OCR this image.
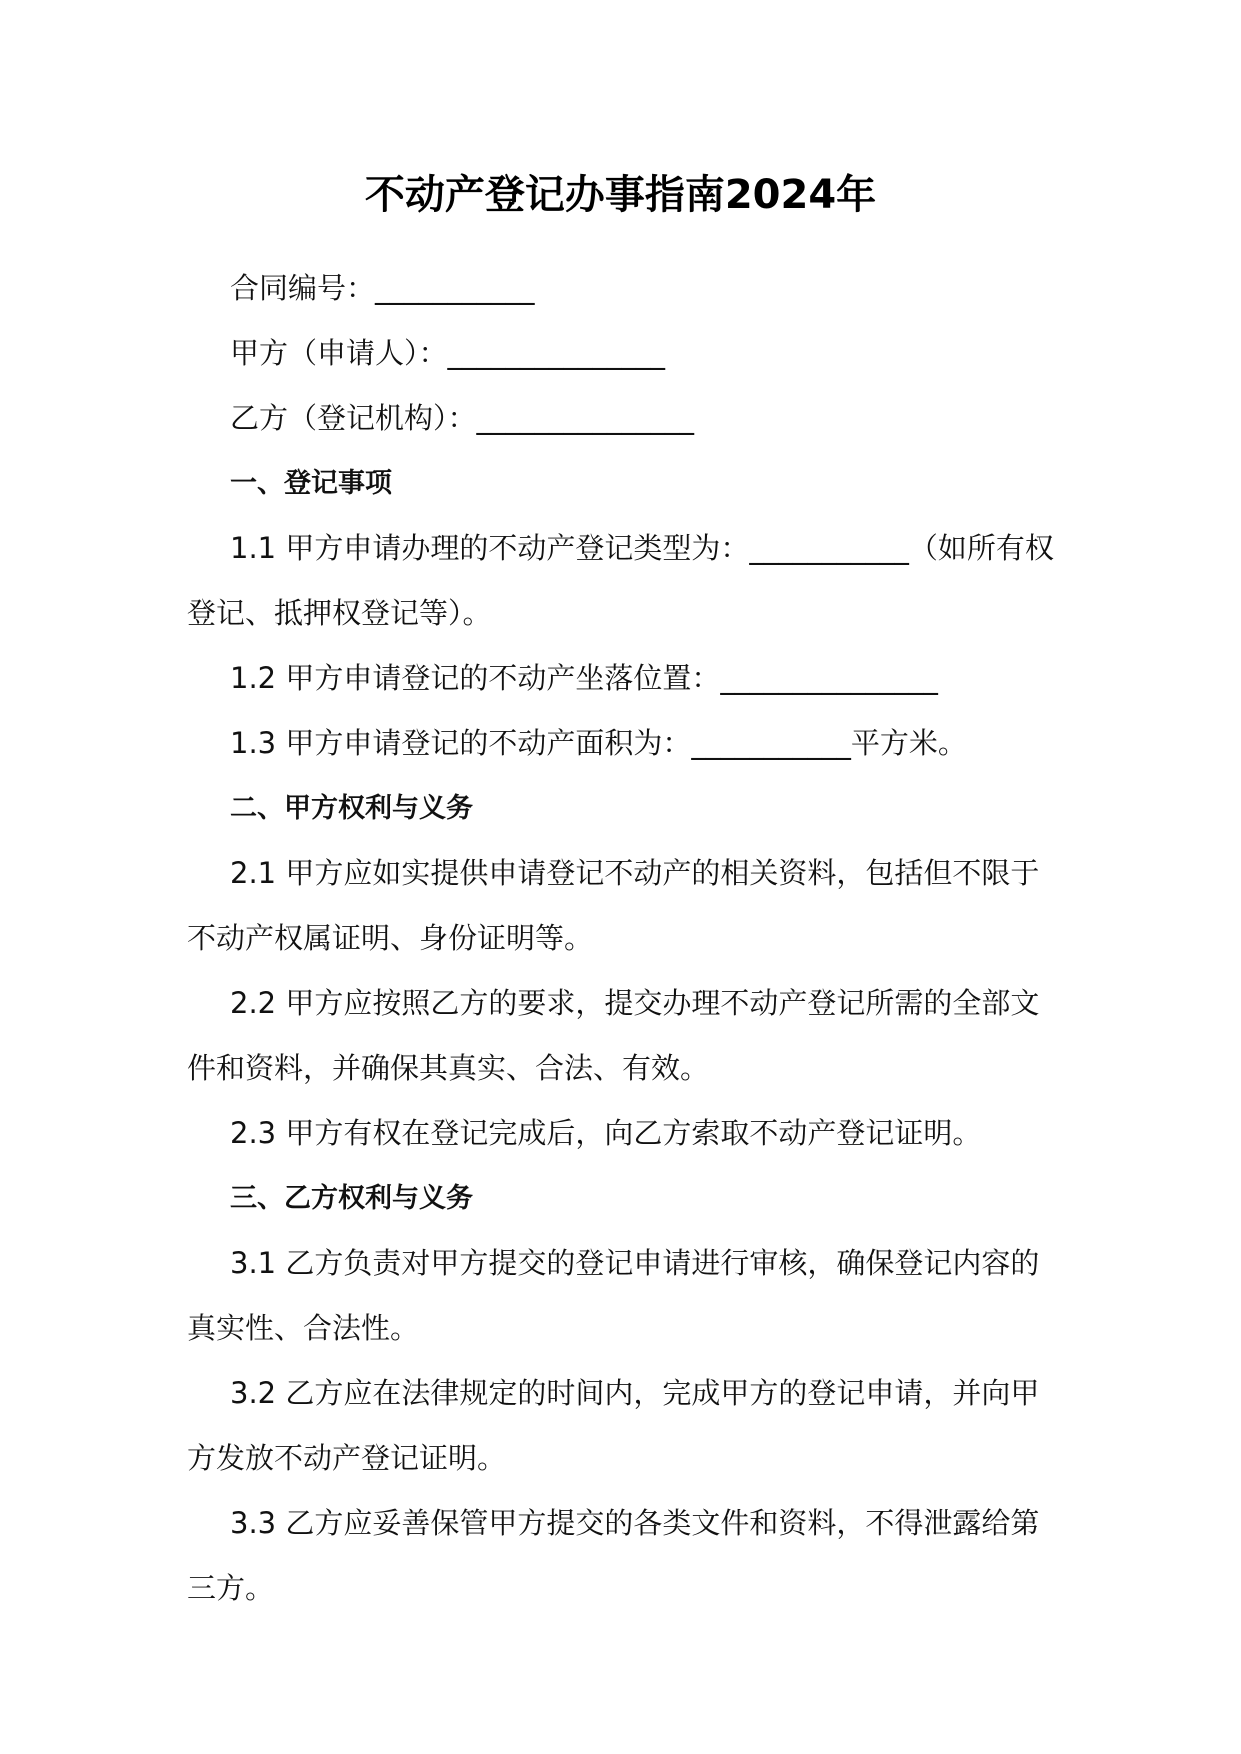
不动产登记办事指南2024年

合同编号：___________

甲方（申请人）：_______________

乙方（登记机构）：_______________

一、登记事项

1.1 甲方申请办理的不动产登记类型为：___________（如所有权登记、抵押权登记等）。

1.2 甲方申请登记的不动产坐落位置：_______________

1.3 甲方申请登记的不动产面积为：___________平方米。

二、甲方权利与义务

2.1 甲方应如实提供申请登记不动产的相关资料，包括但不限于不动产权属证明、身份证明等。

2.2 甲方应按照乙方的要求，提交办理不动产登记所需的全部文件和资料，并确保其真实、合法、有效。

2.3 甲方有权在登记完成后，向乙方索取不动产登记证明。

三、乙方权利与义务

3.1 乙方负责对甲方提交的登记申请进行审核，确保登记内容的真实性、合法性。

3.2 乙方应在法律规定的时间内，完成甲方的登记申请，并向甲方发放不动产登记证明。

3.3 乙方应妥善保管甲方提交的各类文件和资料，不得泄露给第三方。
